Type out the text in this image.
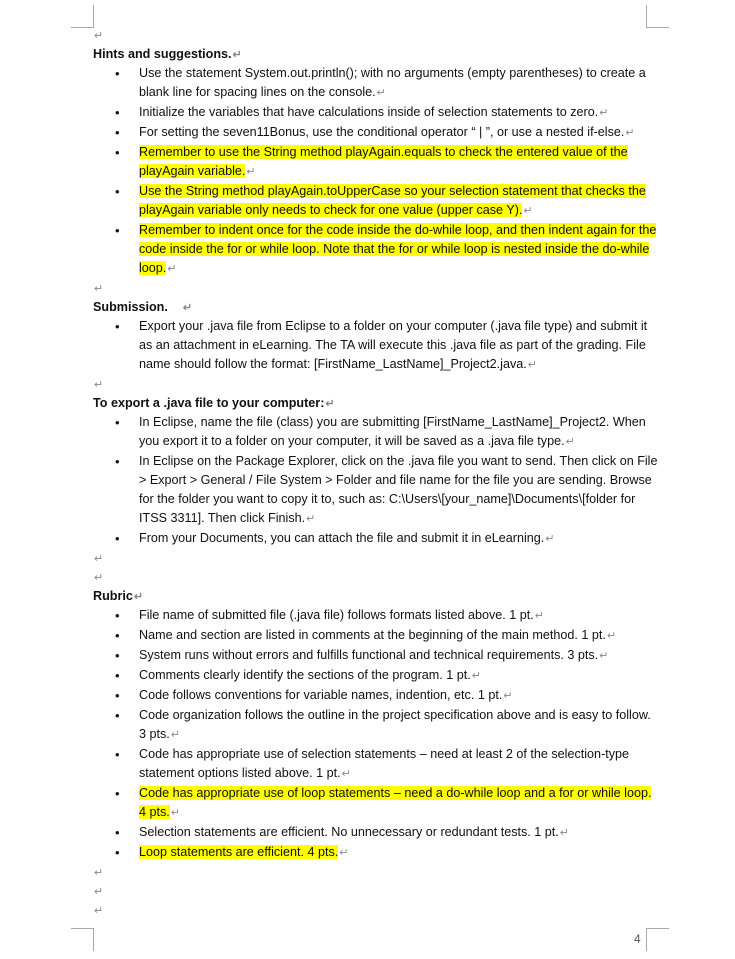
4
↵
Hints and suggestions.↵
• Use the statement System.out.println(); with no arguments (empty parentheses) to create a blank line for spacing lines on the console.↵
• Initialize the variables that have calculations inside of selection statements to zero.↵
• For setting the seven11Bonus, use the conditional operator “ | ”, or use a nested if-else.↵
• Remember to use the String method playAgain.equals to check the entered value of the playAgain variable.↵
• Use the String method playAgain.toUpperCase so your selection statement that checks the playAgain variable only needs to check for one value (upper case Y).↵
• Remember to indent once for the code inside the do-while loop, and then indent again for the code inside the for or while loop. Note that the for or while loop is nested inside the do-while loop.↵
↵
Submission. ↵
• Export your .java file from Eclipse to a folder on your computer (.java file type) and submit it as an attachment in eLearning. The TA will execute this .java file as part of the grading. File name should follow the format: [FirstName_LastName]_Project2.java.↵
↵
To export a .java file to your computer:↵
• In Eclipse, name the file (class) you are submitting [FirstName_LastName]_Project2. When you export it to a folder on your computer, it will be saved as a .java file type.↵
• In Eclipse on the Package Explorer, click on the .java file you want to send. Then click on File > Export > General / File System > Folder and file name for the file you are sending. Browse for the folder you want to copy it to, such as: C:\Users\[your_name]\Documents\[folder for ITSS 3311]. Then click Finish.↵
• From your Documents, you can attach the file and submit it in eLearning.↵
↵
↵
Rubric↵
• File name of submitted file (.java file) follows formats listed above. 1 pt.↵
• Name and section are listed in comments at the beginning of the main method. 1 pt.↵
• System runs without errors and fulfills functional and technical requirements. 3 pts.↵
• Comments clearly identify the sections of the program. 1 pt.↵
• Code follows conventions for variable names, indention, etc. 1 pt.↵
• Code organization follows the outline in the project specification above and is easy to follow. 3 pts.↵
• Code has appropriate use of selection statements – need at least 2 of the selection-type statement options listed above. 1 pt.↵
• Code has appropriate use of loop statements – need a do-while loop and a for or while loop. 4 pts.↵
• Selection statements are efficient. No unnecessary or redundant tests. 1 pt.↵
• Loop statements are efficient. 4 pts.↵
↵
↵
↵
